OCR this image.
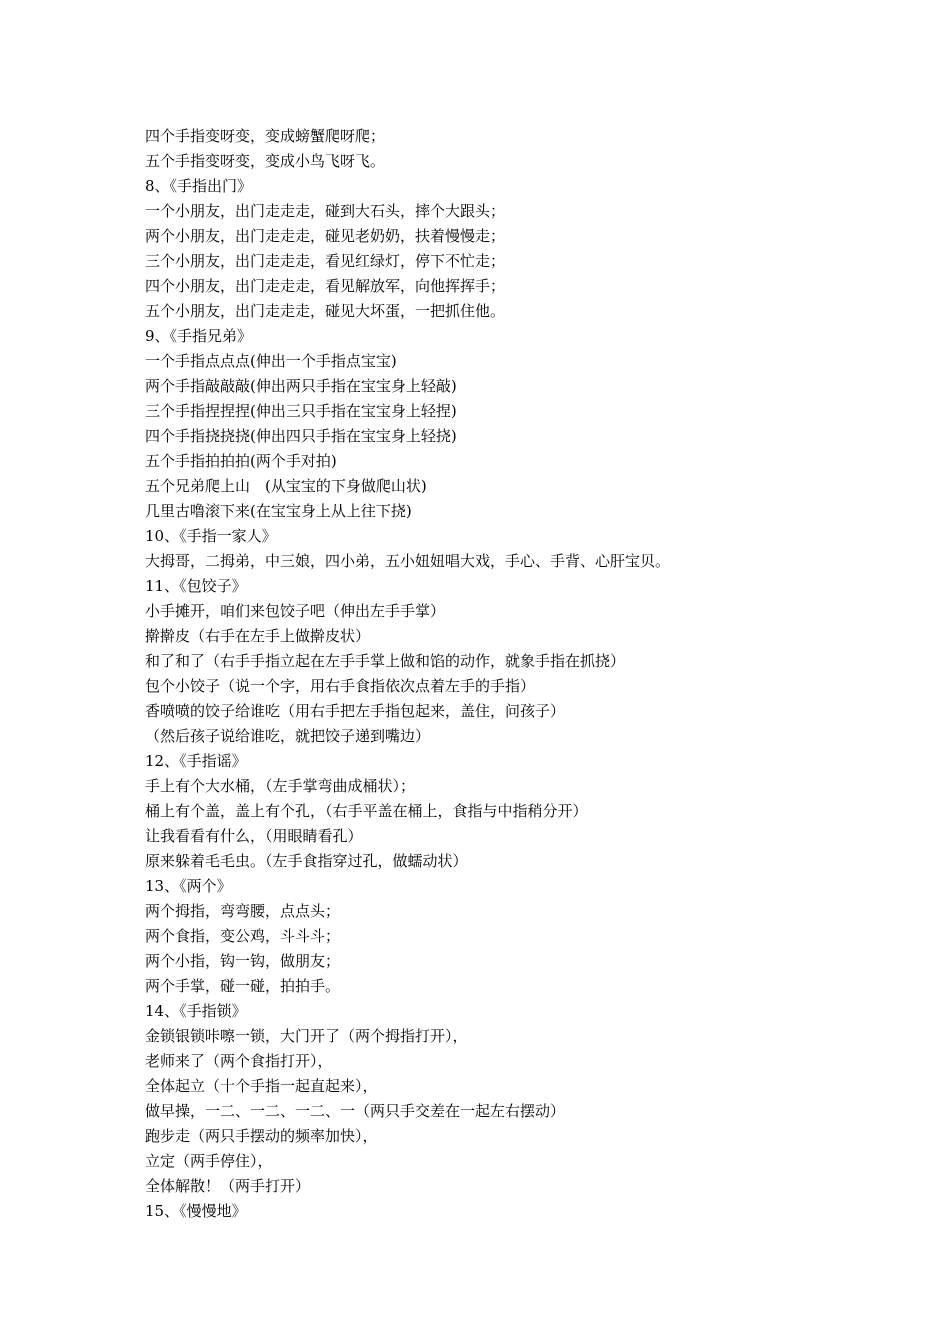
四个手指变呀变，变成螃蟹爬呀爬；

五个手指变呀变，变成小鸟飞呀飞。

8、《手指出门》

一个小朋友，出门走走走，碰到大石头，摔个大跟头；

两个小朋友，出门走走走，碰见老奶奶，扶着慢慢走；

三个小朋友，出门走走走，看见红绿灯，停下不忙走；

四个小朋友，出门走走走，看见解放军，向他挥挥手；

五个小朋友，出门走走走，碰见大坏蛋，一把抓住他。

9、《手指兄弟》

一个手指点点点(伸出一个手指点宝宝)

两个手指敲敲敲(伸出两只手指在宝宝身上轻敲)

三个手指捏捏捏(伸出三只手指在宝宝身上轻捏)

四个手指挠挠挠(伸出四只手指在宝宝身上轻挠)

五个手指拍拍拍(两个手对拍)

五个兄弟爬上山　(从宝宝的下身做爬山状)

几里古噜滚下来(在宝宝身上从上往下挠)

10、《手指一家人》

大拇哥，二拇弟，中三娘，四小弟，五小妞妞唱大戏，手心、手背、心肝宝贝。

11、《包饺子》

小手摊开，咱们来包饺子吧（伸出左手手掌）

擀擀皮（右手在左手上做擀皮状）

和了和了（右手手指立起在左手手掌上做和馅的动作，就象手指在抓挠）

包个小饺子（说一个字，用右手食指依次点着左手的手指）

香喷喷的饺子给谁吃（用右手把左手指包起来，盖住，问孩子）

（然后孩子说给谁吃，就把饺子递到嘴边）

12、《手指谣》

手上有个大水桶，（左手掌弯曲成桶状）；

桶上有个盖，盖上有个孔，（右手平盖在桶上，食指与中指稍分开）

让我看看有什么，（用眼睛看孔）

原来躲着毛毛虫。（左手食指穿过孔，做蠕动状）

13、《两个》

两个拇指，弯弯腰，点点头；

两个食指，变公鸡，斗斗斗；

两个小指，钩一钩，做朋友；

两个手掌，碰一碰，拍拍手。

14、《手指锁》

金锁银锁咔嚓一锁，大门开了（两个拇指打开），

老师来了（两个食指打开），

全体起立（十个手指一起直起来），

做早操，一二、一二、一二、一（两只手交差在一起左右摆动）

跑步走（两只手摆动的频率加快），

立定（两手停住），

全体解散！（两手打开）

15、《慢慢地》
